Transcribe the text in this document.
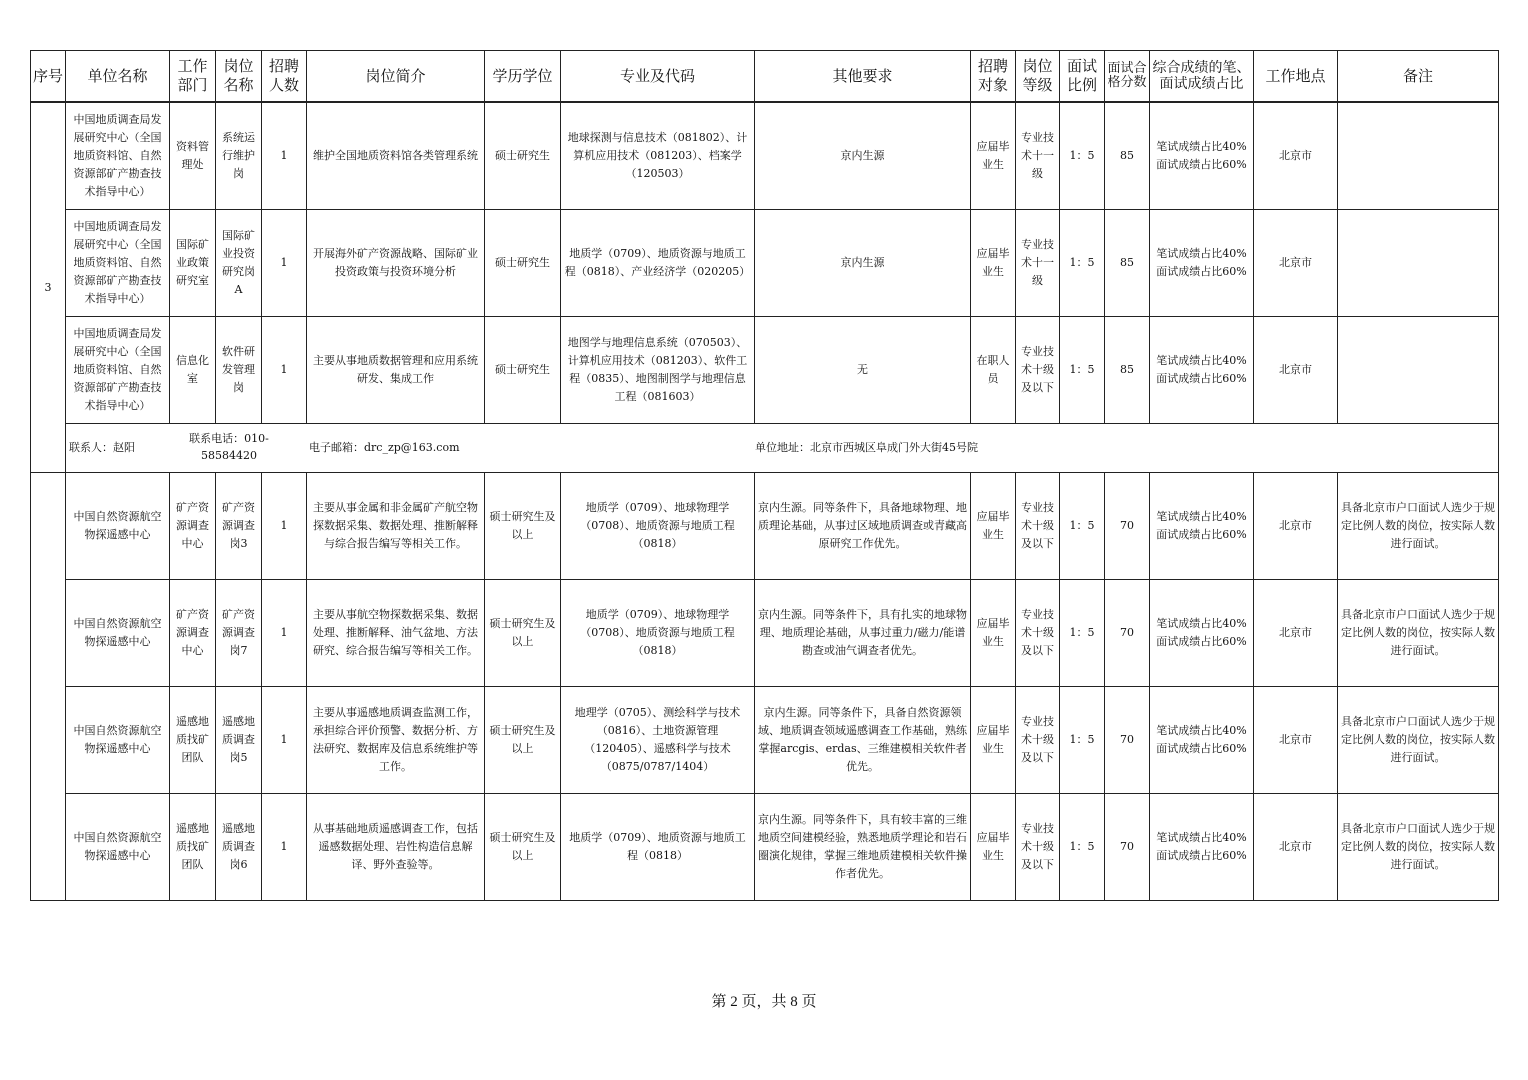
序号	单位名称	工作部门	岗位名称	招聘人数	岗位简介	学历学位	专业及代码	其他要求	招聘对象	岗位等级	面试比例	面试合格分数	综合成绩的笔、面试成绩占比	工作地点	备注
3	中国地质调查局发展研究中心（全国地质资料馆、自然资源部矿产勘查技术指导中心）	资料管理处	系统运行维护岗	1	维护全国地质资料馆各类管理系统	硕士研究生	地球探测与信息技术（081802）、计算机应用技术（081203）、档案学（120503）	京内生源	应届毕业生	专业技术十一级	1：5	85	笔试成绩占比40%面试成绩占比60%	北京市	
	中国地质调查局发展研究中心（全国地质资料馆、自然资源部矿产勘查技术指导中心）	国际矿业政策研究室	国际矿业投资研究岗A	1	开展海外矿产资源战略、国际矿业投资政策与投资环境分析	硕士研究生	地质学（0709）、地质资源与地质工程（0818）、产业经济学（020205）	京内生源	应届毕业生	专业技术十一级	1：5	85	笔试成绩占比40%面试成绩占比60%	北京市	
	中国地质调查局发展研究中心（全国地质资料馆、自然资源部矿产勘查技术指导中心）	信息化室	软件研发管理岗	1	主要从事地质数据管理和应用系统研发、集成工作	硕士研究生	地图学与地理信息系统（070503）、计算机应用技术（081203）、软件工程（0835）、地图制图学与地理信息工程（081603）	无	在职人员	专业技术十级及以下	1：5	85	笔试成绩占比40%面试成绩占比60%	北京市	

	联系人：赵阳
联系电话：010-58584420
电子邮箱：drc_zp@163.com 单位地址：北京市西城区阜成门外大街45号院														

	中国自然资源航空物探遥感中心	矿产资源调查中心	矿产资源调查岗3	1	主要从事金属和非金属矿产航空物探数据采集、数据处理、推断解释与综合报告编写等相关工作。	硕士研究生及以上	地质学（0709）、地球物理学（0708）、地质资源与地质工程（0818）	京内生源。同等条件下，具备地球物理、地质理论基础，从事过区域地质调查或青藏高原研究工作优先。	应届毕业生	专业技术十级及以下	1：5	70	笔试成绩占比40%面试成绩占比60%	北京市	具备北京市户口面试人选少于规定比例人数的岗位，按实际人数进行面试。
	中国自然资源航空物探遥感中心	矿产资源调查中心	矿产资源调查岗7	1	主要从事航空物探数据采集、数据处理、推断解释、油气盆地、方法研究、综合报告编写等相关工作。	硕士研究生及以上	地质学（0709）、地球物理学（0708）、地质资源与地质工程（0818）	京内生源。同等条件下，具有扎实的地球物理、地质理论基础，从事过重力/磁力/能谱勘查或油气调查者优先。	应届毕业生	专业技术十级及以下	1：5	70	笔试成绩占比40%面试成绩占比60%	北京市	具备北京市户口面试人选少于规定比例人数的岗位，按实际人数进行面试。
	中国自然资源航空物探遥感中心	遥感地质找矿团队	遥感地质调查岗5	1	主要从事遥感地质调查监测工作，承担综合评价预警、数据分析、方法研究、数据库及信息系统维护等工作。	硕士研究生及以上	地理学（0705）、测绘科学与技术（0816）、土地资源管理（120405）、遥感科学与技术（0875/0787/1404）	京内生源。同等条件下，具备自然资源领域、地质调查领域遥感调查工作基础，熟练掌握arcgis、erdas、三维建模相关软件者优先。	应届毕业生	专业技术十级及以下	1：5	70	笔试成绩占比40%面试成绩占比60%	北京市	具备北京市户口面试人选少于规定比例人数的岗位，按实际人数进行面试。
	中国自然资源航空物探遥感中心	遥感地质找矿团队	遥感地质调查岗6	1	从事基础地质遥感调查工作，包括遥感数据处理、岩性构造信息解译、野外查验等。	硕士研究生及以上	地质学（0709）、地质资源与地质工程（0818）	京内生源。同等条件下，具有较丰富的三维地质空间建模经验，熟悉地质学理论和岩石圈演化规律，掌握三维地质建模相关软件操作者优先。	应届毕业生	专业技术十级及以下	1：5	70	笔试成绩占比40%面试成绩占比60%	北京市	具备北京市户口面试人选少于规定比例人数的岗位，按实际人数进行面试。
第 2 页，共 8 页
